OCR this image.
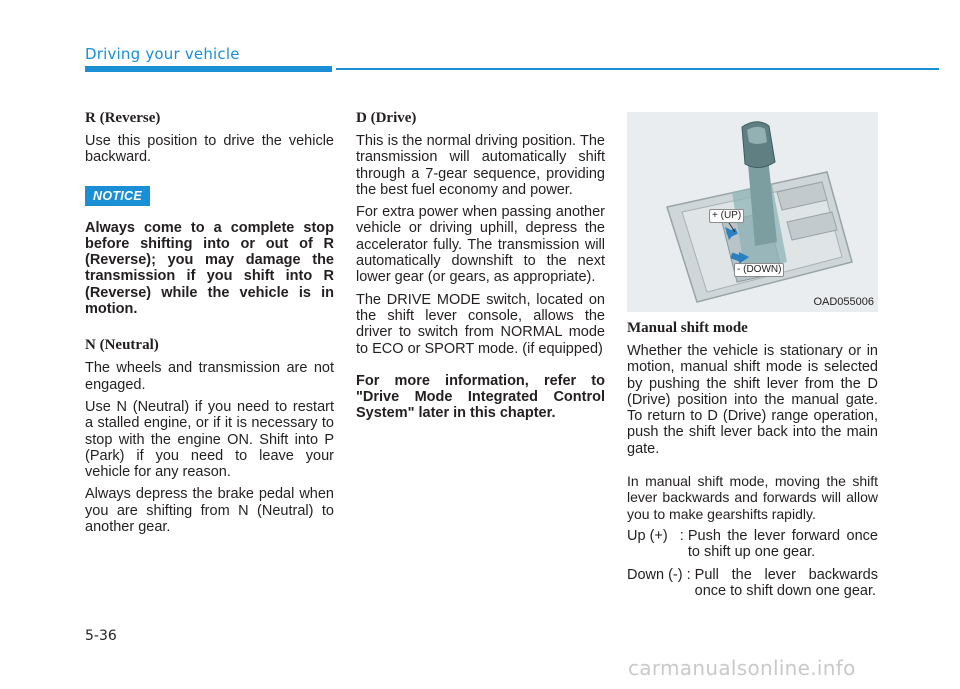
Driving your vehicle
R (Reverse)

Use this position to drive the vehicle backward.

NOTICE

Always come to a complete stop before shifting into or out of R (Reverse); you may damage the transmission if you shift into R (Reverse) while the vehicle is in motion.

N (Neutral)

The wheels and transmission are not engaged.

Use N (Neutral) if you need to restart a stalled engine, or if it is necessary to stop with the engine ON. Shift into P (Park) if you need to leave your vehicle for any reason.

Always depress the brake pedal when you are shifting from N (Neutral) to another gear.

D (Drive)

This is the normal driving position. The transmission will automatically shift through a 7-gear sequence, providing the best fuel economy and power.

For extra power when passing another vehicle or driving uphill, depress the accelerator fully. The transmission will automatically downshift to the next lower gear (or gears, as appropriate).

The DRIVE MODE switch, located on the shift lever console, allows the driver to switch from NORMAL mode to ECO or SPORT mode. (if equipped)

For more information, refer to "Drive Mode Integrated Control System" later in this chapter.

+ (UP)
- (DOWN)
OAD055006
Manual shift mode

Whether the vehicle is stationary or in motion, manual shift mode is selected by pushing the shift lever from the D (Drive) position into the manual gate. To return to D (Drive) range operation, push the shift lever back into the main gate.

In manual shift mode, moving the shift lever backwards and forwards will allow you to make gearshifts rapidly.

Up (+)   : Push the lever forward once to shift up one gear.
Down (-) : Pull the lever backwards once to shift down one gear.
5-36
carmanualsonline.info
